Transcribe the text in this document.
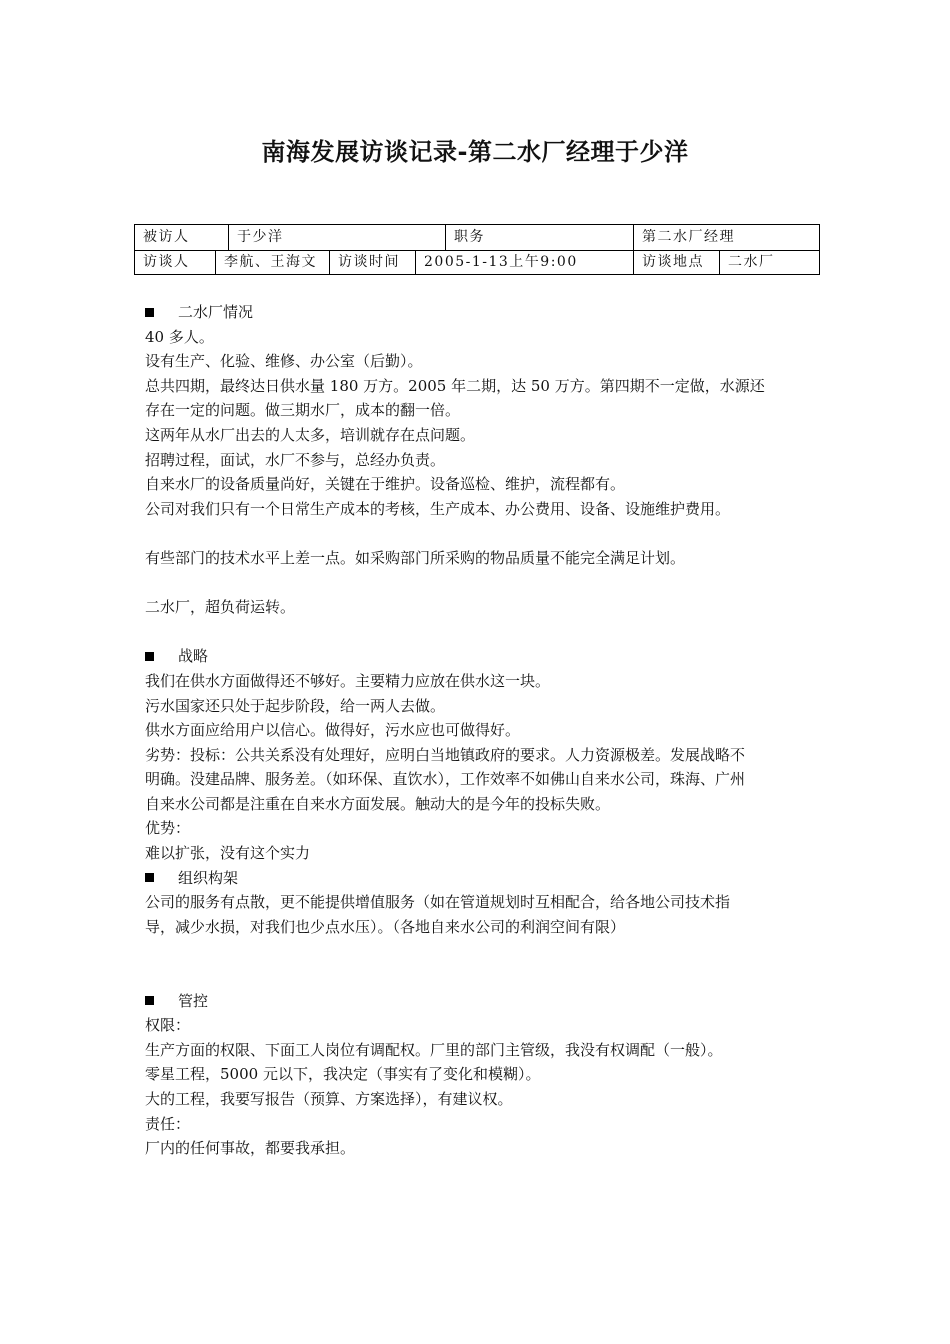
南海发展访谈记录-第二水厂经理于少洋
被访人	于少洋	职务	第二水厂经理
访谈人	李航、王海文	访谈时间	2005-1-13上午9:00	访谈地点	二水厂
二水厂情况
40 多人。
设有生产、化验、维修、办公室（后勤）。
总共四期，最终达日供水量 180 万方。2005 年二期，达 50 万方。第四期不一定做，水源还
存在一定的问题。做三期水厂，成本的翻一倍。
这两年从水厂出去的人太多，培训就存在点问题。
招聘过程，面试，水厂不参与，总经办负责。
自来水厂的设备质量尚好，关键在于维护。设备巡检、维护，流程都有。
公司对我们只有一个日常生产成本的考核，生产成本、办公费用、设备、设施维护费用。
有些部门的技术水平上差一点。如采购部门所采购的物品质量不能完全满足计划。
二水厂，超负荷运转。
战略
我们在供水方面做得还不够好。主要精力应放在供水这一块。
污水国家还只处于起步阶段，给一两人去做。
供水方面应给用户以信心。做得好，污水应也可做得好。
劣势：投标：公共关系没有处理好，应明白当地镇政府的要求。人力资源极差。发展战略不
明确。没建品牌、服务差。（如环保、直饮水），工作效率不如佛山自来水公司，珠海、广州
自来水公司都是注重在自来水方面发展。触动大的是今年的投标失败。
优势：
难以扩张，没有这个实力
组织构架
公司的服务有点散，更不能提供增值服务（如在管道规划时互相配合，给各地公司技术指
导，减少水损，对我们也少点水压）。（各地自来水公司的利润空间有限）
管控
权限：
生产方面的权限、下面工人岗位有调配权。厂里的部门主管级，我没有权调配（一般）。
零星工程，5000 元以下，我决定（事实有了变化和模糊）。
大的工程，我要写报告（预算、方案选择），有建议权。
责任：
厂内的任何事故，都要我承担。
